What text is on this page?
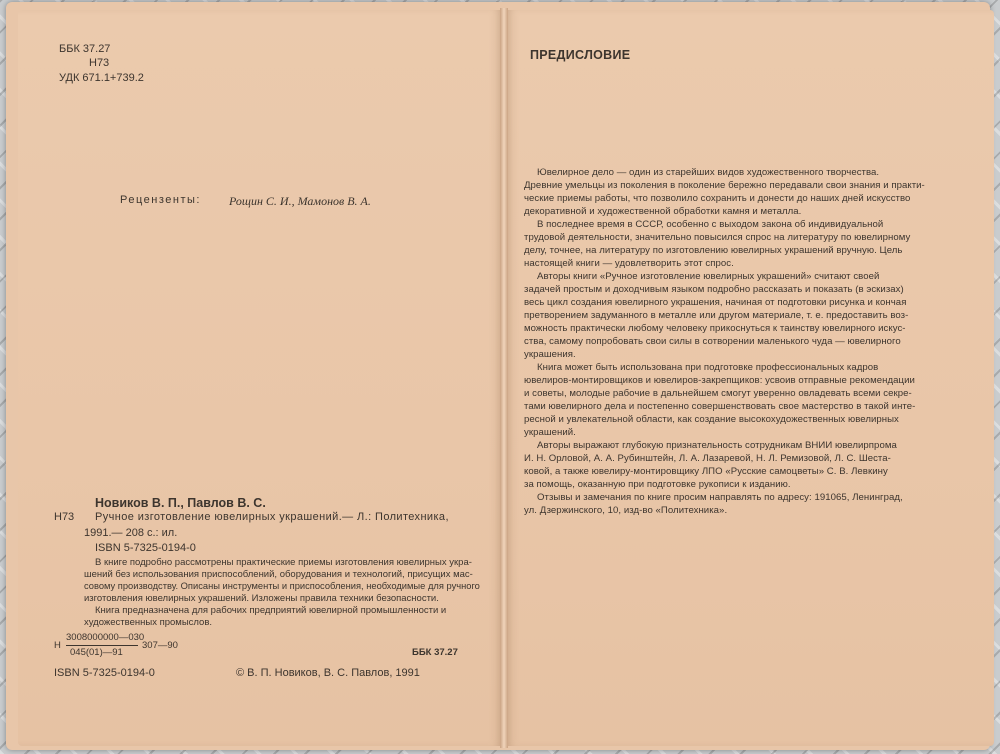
ББК 37.27
Н73
УДК 671.1+739.2
Рецензенты: Рощин С. И., Мамонов В. А.
Новиков В. П., Павлов В. С.
Н73 Ручное изготовление ювелирных украшений.— Л.: Политехника,
1991.— 208 с.: ил.
ISBN 5-7325-0194-0
В книге подробно рассмотрены практические приемы изготовления ювелирных укра-
шений без использования приспособлений, оборудования и технологий, присущих мас-
совому производству. Описаны инструменты и приспособления, необходимые для ручного
изготовления ювелирных украшений. Изложены правила техники безопасности.
Книга предназначена для рабочих предприятий ювелирной промышленности и
художественных промыслов.
Н
3008000000—030
045(01)—91
307—90
ББК 37.27
ISBN 5-7325-0194-0	© В. П. Новиков, В. С. Павлов, 1991
ПРЕДИСЛОВИЕ
Ювелирное дело — один из старейших видов художественного творчества.
Древние умельцы из поколения в поколение бережно передавали свои знания и практи-
ческие приемы работы, что позволило сохранить и донести до наших дней искусство
декоративной и художественной обработки камня и металла.
В последнее время в СССР, особенно с выходом закона об индивидуальной
трудовой деятельности, значительно повысился спрос на литературу по ювелирному
делу, точнее, на литературу по изготовлению ювелирных украшений вручную. Цель
настоящей книги — удовлетворить этот спрос.
Авторы книги «Ручное изготовление ювелирных украшений» считают своей
задачей простым и доходчивым языком подробно рассказать и показать (в эскизах)
весь цикл создания ювелирного украшения, начиная от подготовки рисунка и кончая
претворением задуманного в металле или другом материале, т. е. предоставить воз-
можность практически любому человеку прикоснуться к таинству ювелирного искус-
ства, самому попробовать свои силы в сотворении маленького чуда — ювелирного
украшения.
Книга может быть использована при подготовке профессиональных кадров
ювелиров-монтировщиков и ювелиров-закрепщиков: усвоив отправные рекомендации
и советы, молодые рабочие в дальнейшем смогут уверенно овладевать всеми секре-
тами ювелирного дела и постепенно совершенствовать свое мастерство в такой инте-
ресной и увлекательной области, как создание высокохудожественных ювелирных
украшений.
Авторы выражают глубокую признательность сотрудникам ВНИИ ювелирпрома
И. Н. Орловой, А. А. Рубинштейн, Л. А. Лазаревой, Н. Л. Ремизовой, Л. С. Шеста-
ковой, а также ювелиру-монтировщику ЛПО «Русские самоцветы» С. В. Левкину
за помощь, оказанную при подготовке рукописи к изданию.
Отзывы и замечания по книге просим направлять по адресу: 191065, Ленинград,
ул. Дзержинского, 10, изд-во «Политехника».
